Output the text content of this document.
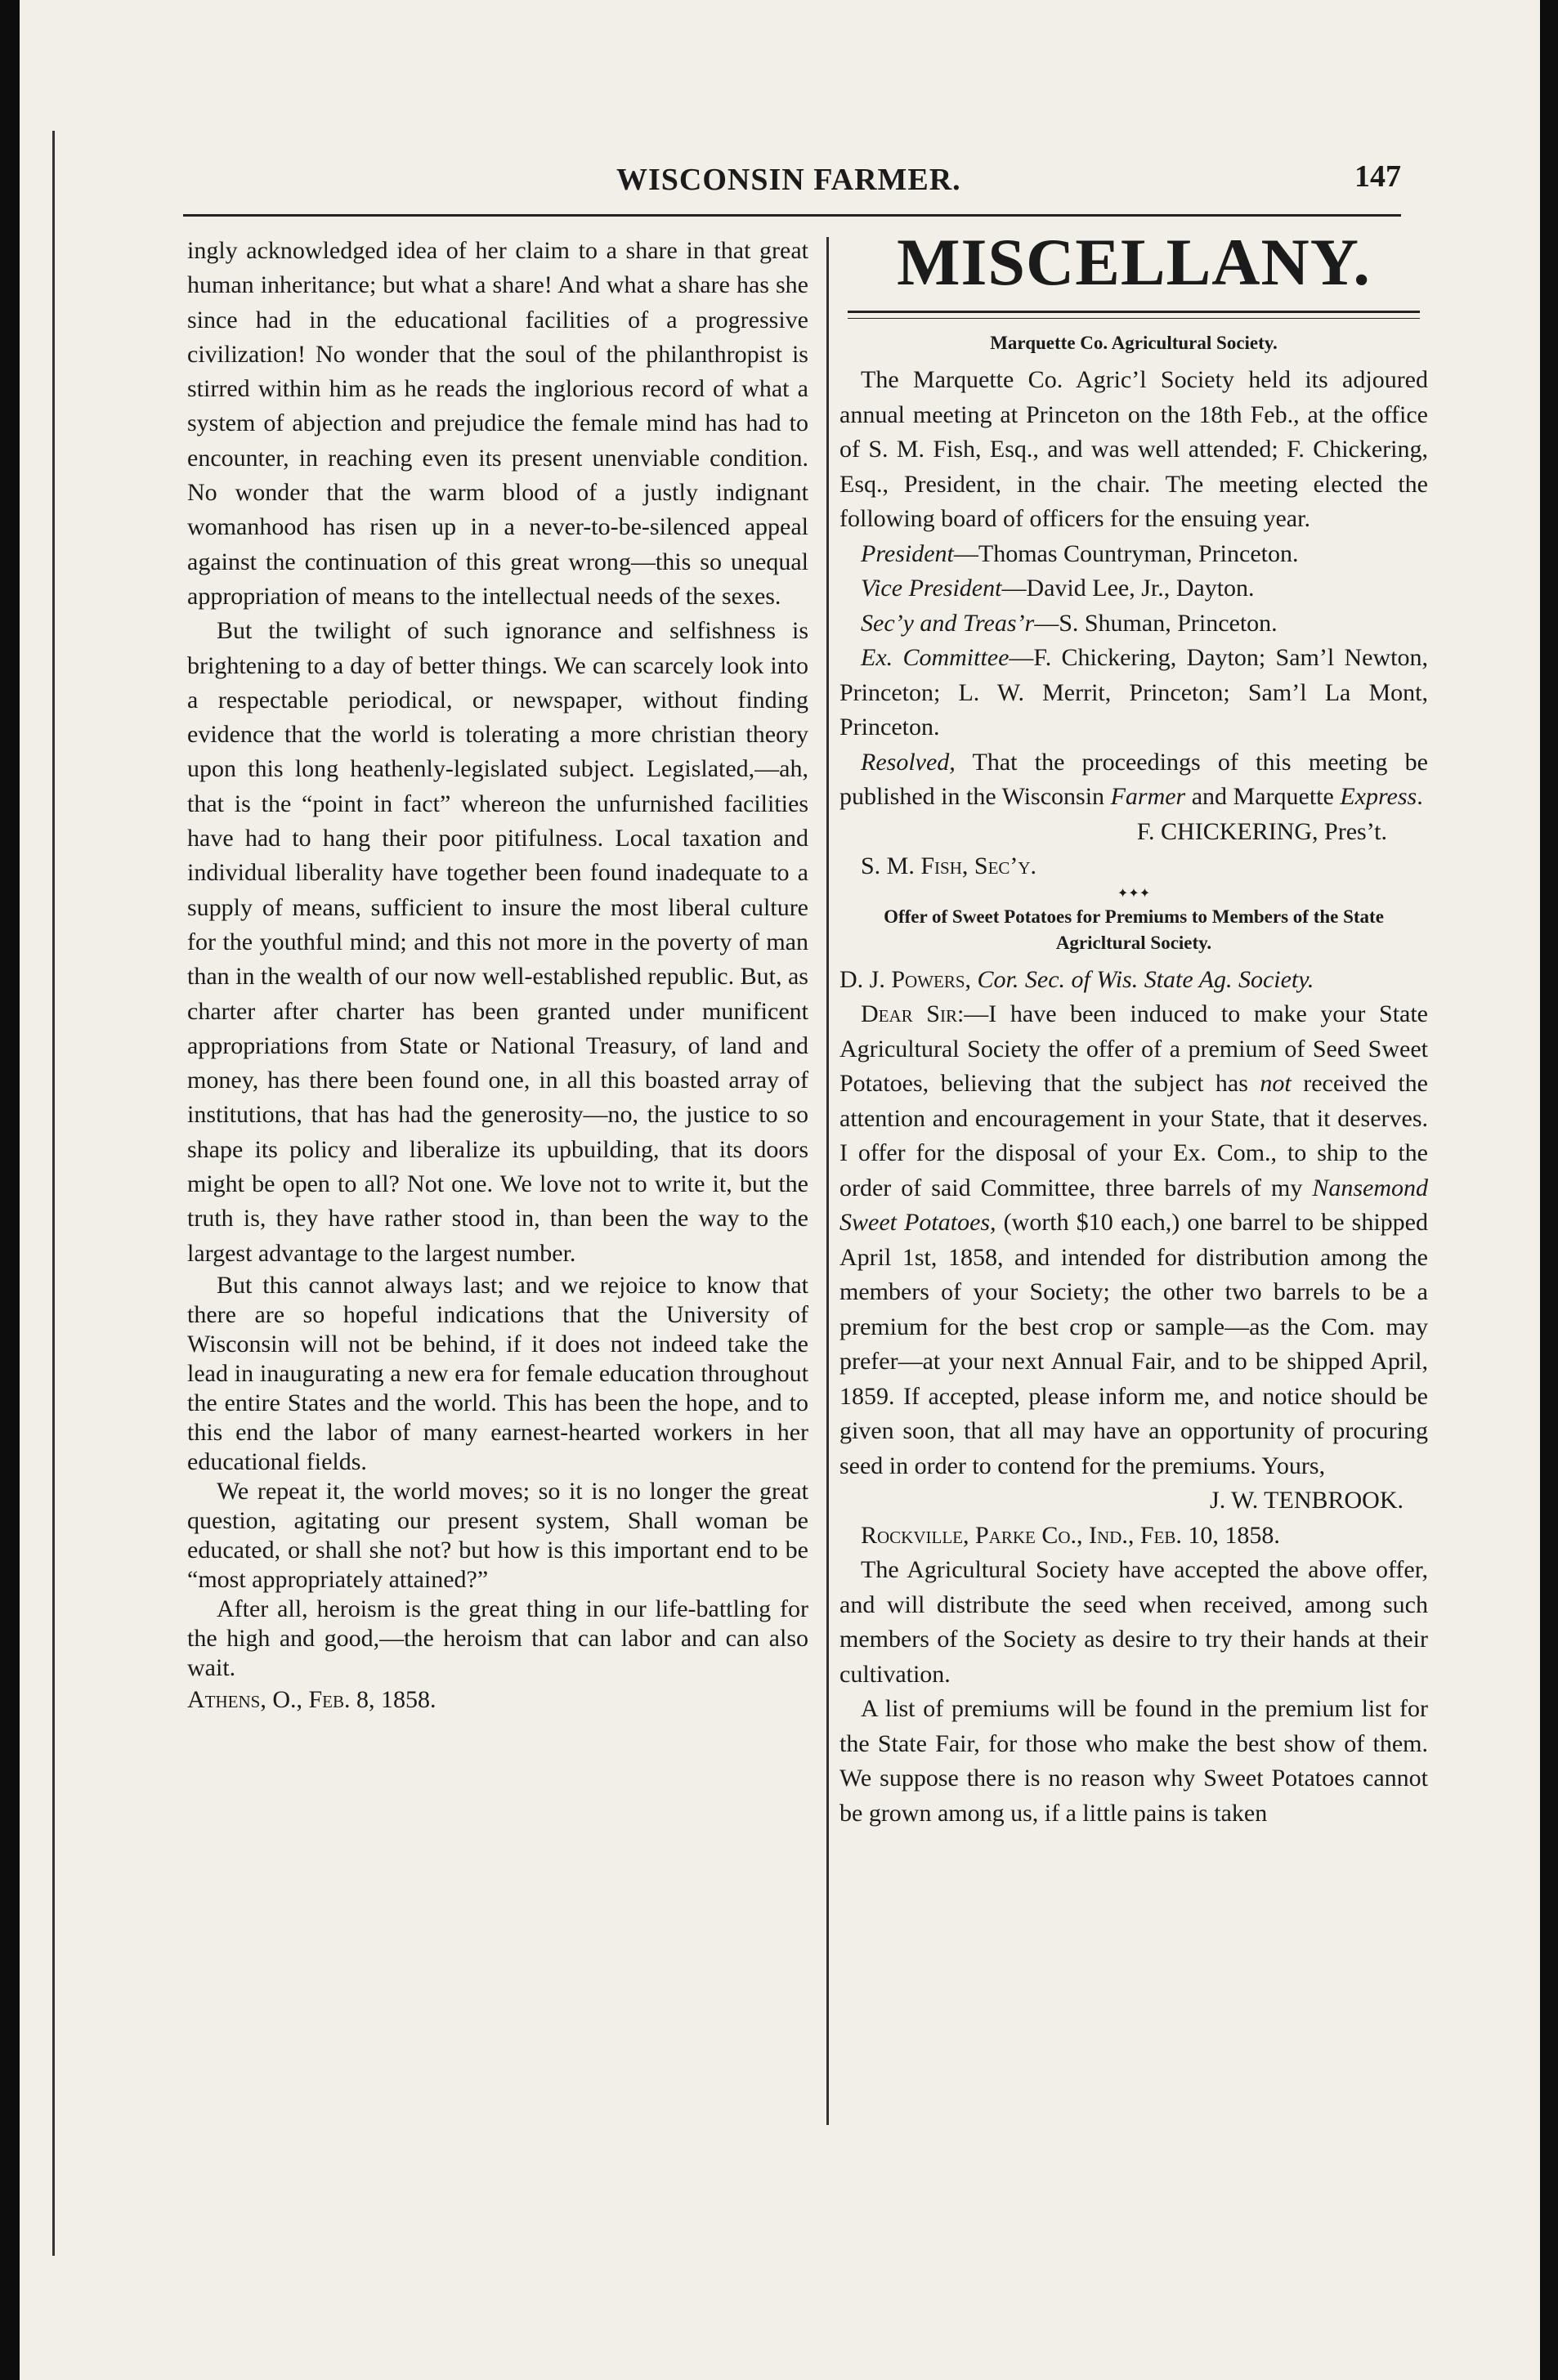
WISCONSIN FARMER.	147

ingly acknowledged idea of her claim to a share in that great human inheritance; but what a share! And what a share has she since had in the educational facilities of a progressive civilization! No wonder that the soul of the philanthropist is stirred within him as he reads the inglorious record of what a system of abjection and prejudice the female mind has had to encounter, in reaching even its present unenviable condition. No wonder that the warm blood of a justly indignant womanhood has risen up in a never-to-be-silenced appeal against the continuation of this great wrong—this so unequal appropriation of means to the intellectual needs of the sexes.

But the twilight of such ignorance and selfishness is brightening to a day of better things. We can scarcely look into a respectable periodical, or newspaper, without finding evidence that the world is tolerating a more christian theory upon this long heathenly-legislated subject. Legislated,—ah, that is the “point in fact” whereon the unfurnished facilities have had to hang their poor pitifulness. Local taxation and individual liberality have together been found inadequate to a supply of means, sufficient to insure the most liberal culture for the youthful mind; and this not more in the poverty of man than in the wealth of our now well-established republic. But, as charter after charter has been granted under munificent appropriations from State or National Treasury, of land and money, has there been found one, in all this boasted array of institutions, that has had the generosity—no, the justice to so shape its policy and liberalize its upbuilding, that its doors might be open to all? Not one. We love not to write it, but the truth is, they have rather stood in, than been the way to the largest advantage to the largest number.

But this cannot always last; and we rejoice to know that there are so hopeful indications that the University of Wisconsin will not be behind, if it does not indeed take the lead in inaugurating a new era for female education throughout the entire States and the world. This has been the hope, and to this end the labor of many earnest-hearted workers in her educational fields.

We repeat it, the world moves; so it is no longer the great question, agitating our present system, Shall woman be educated, or shall she not? but how is this important end to be “most appropriately attained?”

After all, heroism is the great thing in our life-battling for the high and good,—the heroism that can labor and can also wait.

Athens, O., Feb. 8, 1858.

MISCELLANY.
Marquette Co. Agricultural Society.

The Marquette Co. Agric’l Society held its adjoured annual meeting at Princeton on the 18th Feb., at the office of S. M. Fish, Esq., and was well attended; F. Chickering, Esq., President, in the chair. The meeting elected the following board of officers for the ensuing year.

President—Thomas Countryman, Princeton.

Vice President—David Lee, Jr., Dayton.

Sec’y and Treas’r—S. Shuman, Princeton.

Ex. Committee—F. Chickering, Dayton; Sam’l Newton, Princeton; L. W. Merrit, Princeton; Sam’l La Mont, Princeton.

Resolved, That the proceedings of this meeting be published in the Wisconsin Farmer and Marquette Express.

F. CHICKERING, Pres’t.

S. M. Fish, Sec’y.

✦✦✦
Offer of Sweet Potatoes for Premiums to Members of the State Agricltural Society.

D. J. Powers, Cor. Sec. of Wis. State Ag. Society.

Dear Sir:—I have been induced to make your State Agricultural Society the offer of a premium of Seed Sweet Potatoes, believing that the subject has not received the attention and encouragement in your State, that it deserves. I offer for the disposal of your Ex. Com., to ship to the order of said Committee, three barrels of my Nansemond Sweet Potatoes, (worth $10 each,) one barrel to be shipped April 1st, 1858, and intended for distribution among the members of your Society; the other two barrels to be a premium for the best crop or sample—as the Com. may prefer—at your next Annual Fair, and to be shipped April, 1859. If accepted, please inform me, and notice should be given soon, that all may have an opportunity of procuring seed in order to contend for the premiums. Yours,

J. W. TENBROOK.

Rockville, Parke Co., Ind., Feb. 10, 1858.

The Agricultural Society have accepted the above offer, and will distribute the seed when received, among such members of the Society as desire to try their hands at their cultivation.

A list of premiums will be found in the premium list for the State Fair, for those who make the best show of them. We suppose there is no reason why Sweet Potatoes cannot be grown among us, if a little pains is taken
